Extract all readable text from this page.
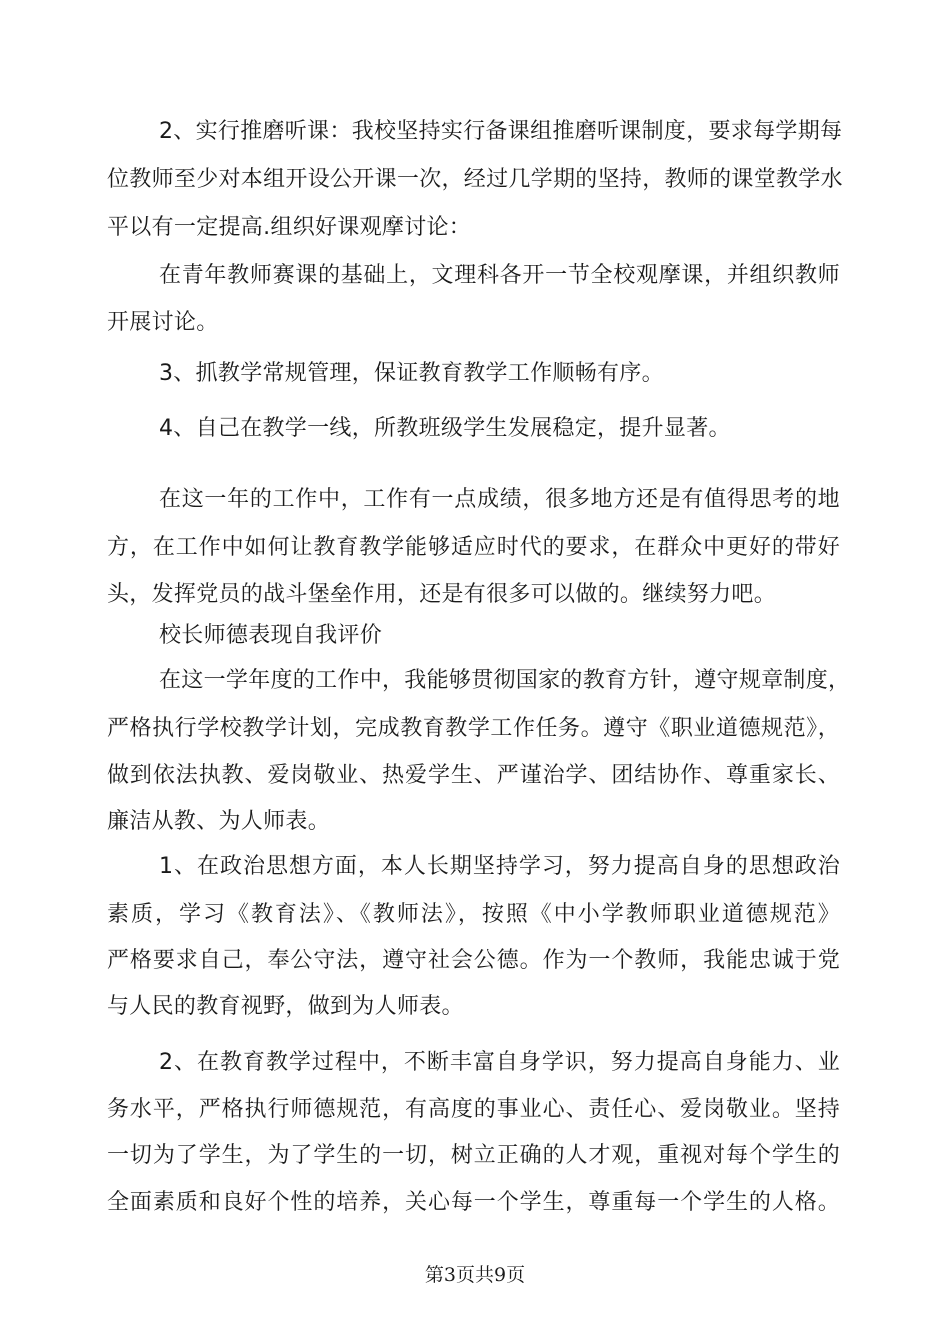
2、实行推磨听课：我校坚持实行备课组推磨听课制度，要求每学期每
位教师至少对本组开设公开课一次，经过几学期的坚持，教师的课堂教学水
平以有一定提高.组织好课观摩讨论：
在青年教师赛课的基础上，文理科各开一节全校观摩课，并组织教师
开展讨论。
3、抓教学常规管理，保证教育教学工作顺畅有序。
4、自己在教学一线，所教班级学生发展稳定，提升显著。
在这一年的工作中，工作有一点成绩，很多地方还是有值得思考的地
方，在工作中如何让教育教学能够适应时代的要求，在群众中更好的带好
头，发挥党员的战斗堡垒作用，还是有很多可以做的。继续努力吧。
校长师德表现自我评价
在这一学年度的工作中，我能够贯彻国家的教育方针，遵守规章制度，
严格执行学校教学计划，完成教育教学工作任务。遵守《职业道德规范》，
做到依法执教、爱岗敬业、热爱学生、严谨治学、团结协作、尊重家长、
廉洁从教、为人师表。
1、在政治思想方面，本人长期坚持学习，努力提高自身的思想政治
素质，学习《教育法》、《教师法》，按照《中小学教师职业道德规范》
严格要求自己，奉公守法，遵守社会公德。作为一个教师，我能忠诚于党
与人民的教育视野，做到为人师表。
2、在教育教学过程中，不断丰富自身学识，努力提高自身能力、业
务水平，严格执行师德规范，有高度的事业心、责任心、爱岗敬业。坚持
一切为了学生，为了学生的一切，树立正确的人才观，重视对每个学生的
全面素质和良好个性的培养，关心每一个学生，尊重每一个学生的人格。
第3页共9页
